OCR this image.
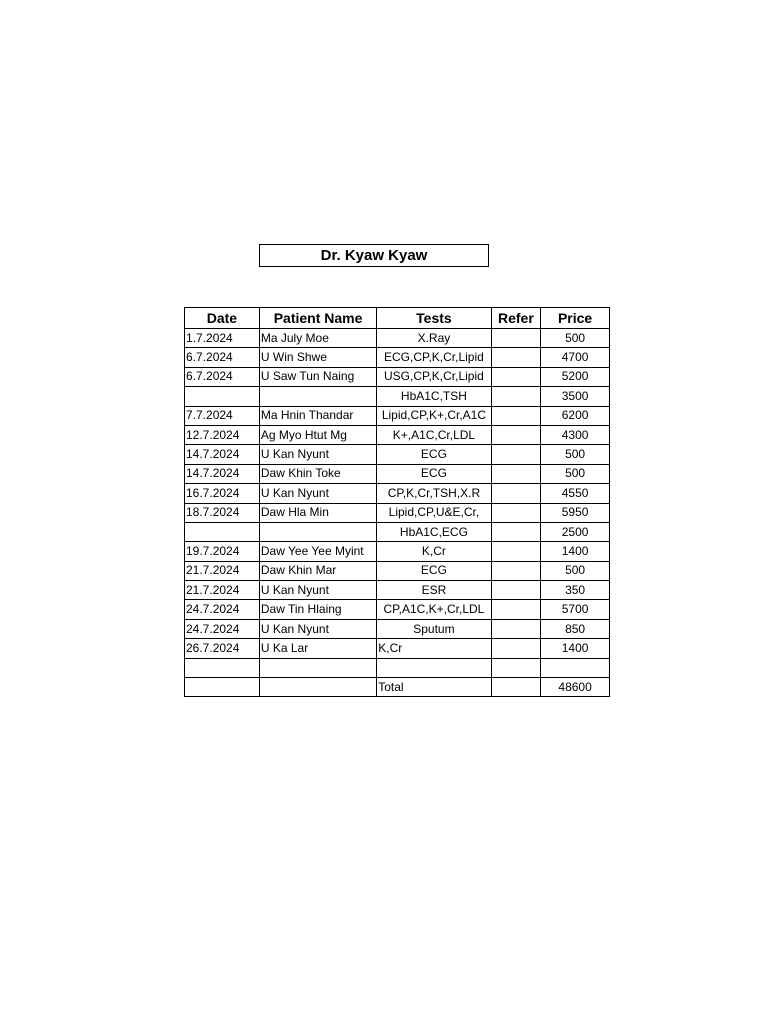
Dr. Kyaw Kyaw
Date	Patient Name	Tests	Refer	Price
1.7.2024	Ma July Moe	X.Ray		500
6.7.2024	U Win Shwe	ECG,CP,K,Cr,Lipid		4700
6.7.2024	U Saw Tun Naing	USG,CP,K,Cr,Lipid		5200
		HbA1C,TSH		3500
7.7.2024	Ma Hnin Thandar	Lipid,CP,K+,Cr,A1C		6200
12.7.2024	Ag Myo Htut Mg	K+,A1C,Cr,LDL		4300
14.7.2024	U Kan Nyunt	ECG		500
14.7.2024	Daw Khin Toke	ECG		500
16.7.2024	U Kan Nyunt	CP,K,Cr,TSH,X.R		4550
18.7.2024	Daw Hla Min	Lipid,CP,U&E,Cr,		5950
		HbA1C,ECG		2500
19.7.2024	Daw Yee Yee Myint	K,Cr		1400
21.7.2024	Daw Khin Mar	ECG		500
21.7.2024	U Kan Nyunt	ESR		350
24.7.2024	Daw Tin Hlaing	CP,A1C,K+,Cr,LDL		5700
24.7.2024	U Kan Nyunt	Sputum		850
26.7.2024	U Ka Lar	K,Cr		1400

		Total		48600
